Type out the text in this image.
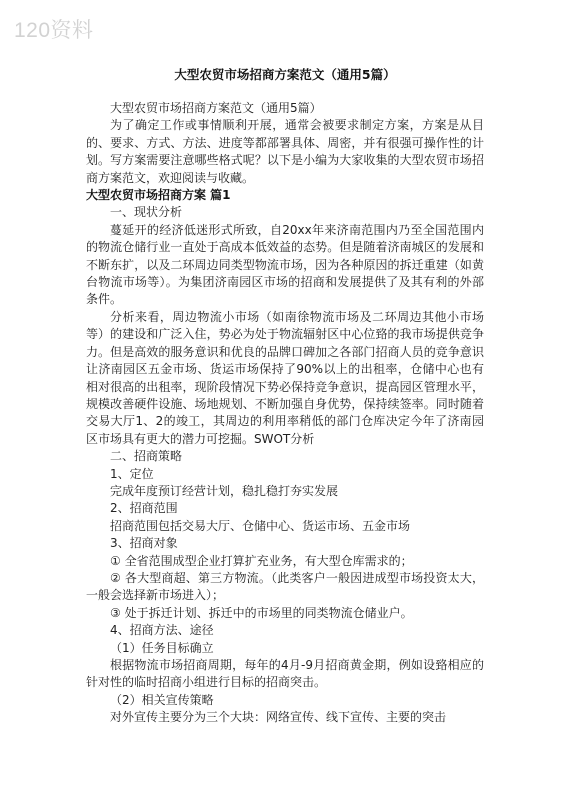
120资料
大型农贸市场招商方案范文（通用5篇）

大型农贸市场招商方案范文（通用5篇）

为了确定工作或事情顺利开展，通常会被要求制定方案，方案是从目的、要求、方式、方法、进度等都部署具体、周密，并有很强可操作性的计划。写方案需要注意哪些格式呢？以下是小编为大家收集的大型农贸市场招商方案范文，欢迎阅读与收藏。

大型农贸市场招商方案 篇1

一、现状分析

蔓延开的经济低迷形式所致，自20xx年来济南范围内乃至全国范围内的物流仓储行业一直处于高成本低效益的态势。但是随着济南城区的发展和不断东扩，以及二环周边同类型物流市场，因为各种原因的拆迁重建（如黄台物流市场等）。为集团济南园区市场的招商和发展提供了及其有利的外部条件。

分析来看，周边物流小市场（如南徐物流市场及二环周边其他小市场等）的建设和广泛入住，势必为处于物流辐射区中心位臵的我市场提供竞争力。但是高效的服务意识和优良的品牌口碑加之各部门招商人员的竞争意识让济南园区五金市场、货运市场保持了90%以上的出租率，仓储中心也有相对很高的出租率，现阶段情况下势必保持竞争意识，提高园区管理水平，规模改善硬件设施、场地规划、不断加强自身优势，保持续签率。同时随着交易大厅1、2的竣工，其周边的利用率稍低的部门仓库决定今年了济南园区市场具有更大的潜力可挖掘。SWOT分析

二、招商策略

1、定位

完成年度预订经营计划，稳扎稳打夯实发展

2、招商范围

招商范围包括交易大厅、仓储中心、货运市场、五金市场

3、招商对象

① 全省范围成型企业打算扩充业务，有大型仓库需求的；

② 各大型商超、第三方物流。（此类客户一般因进成型市场投资太大，一般会选择新市场进入）；

③ 处于拆迁计划、拆迁中的市场里的同类物流仓储业户。

4、招商方法、途径

（1）任务目标确立

根据物流市场招商周期，每年的4月-9月招商黄金期，例如设臵相应的针对性的临时招商小组进行目标的招商突击。

（2）相关宣传策略

对外宣传主要分为三个大块：网络宣传、线下宣传、主要的突击
